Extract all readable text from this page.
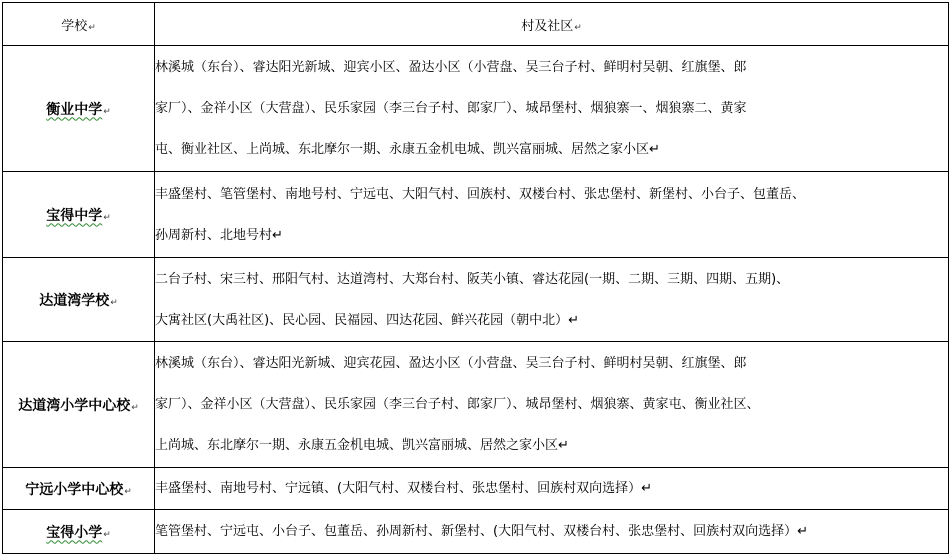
学校↵	村及社区↵
衡业中学↵	林溪城（东台）、睿达阳光新城、迎宾小区、盈达小区（小营盘、吴三台子村、鲜明村吴朝、红旗堡、郎
家厂）、金祥小区（大营盘）、民乐家园（李三台子村、郎家厂）、城昂堡村、烟狼寨一、烟狼寨二、黄家
屯、衡业社区、上尚城、东北摩尔一期、永康五金机电城、凯兴富丽城、居然之家小区↵

宝得中学↵	丰盛堡村、笔管堡村、南地号村、宁远屯、大阳气村、回族村、双楼台村、张忠堡村、新堡村、小台子、包董岳、
孙周新村、北地号村↵

达道湾学校↵	二台子村、宋三村、邢阳气村、达道湾村、大郑台村、阪芙小镇、睿达花园(一期、二期、三期、四期、五期)、
大寓社区(大禹社区)、民心园、民福园、四达花园、鲜兴花园（朝中北）↵

达道湾小学中心校↵	林溪城（东台）、睿达阳光新城、迎宾花园、盈达小区（小营盘、吴三台子村、鲜明村吴朝、红旗堡、郎
家厂）、金祥小区（大营盘）、民乐家园（李三台子村、郎家厂）、城昂堡村、烟狼寨、黄家屯、衡业社区、
上尚城、东北摩尔一期、永康五金机电城、凯兴富丽城、居然之家小区↵

宁远小学中心校↵	丰盛堡村、南地号村、宁远镇、(大阳气村、双楼台村、张忠堡村、回族村双向选择）↵

宝得小学↵	笔管堡村、宁远屯、小台子、包董岳、孙周新村、新堡村、(大阳气村、双楼台村、张忠堡村、回族村双向选择）↵
